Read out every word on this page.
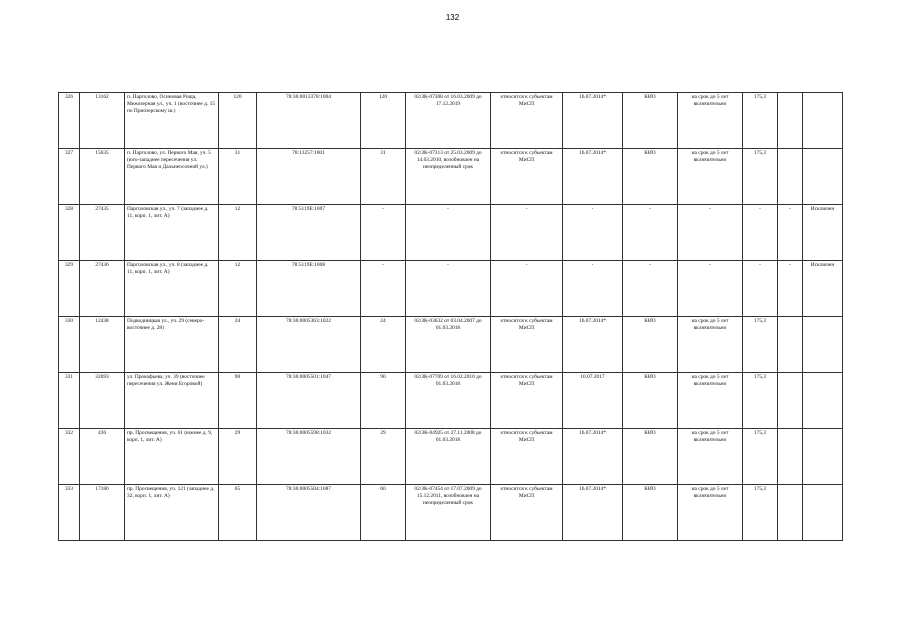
132
326	13162	п. Парголово, Осиновая Роща, Межозерная ул., уч. 1 (восточнее д. 15 по Приозерскому ш.)	120	78:36:0013378:1004	120	02/ЗК-07308 от 16.03.2009 до 17.12.2019	относится к субъектам МиСП	16.07.2014*	КИО	на срок до 5 лет включительно	175,3		
327	15635	п. Парголово, ул. Первого Мая, уч. 5 (юго-западнее пересечения ул. Первого Мая и Дальнеосочной ул.)	31	78:13257:1001	31	02/ЗК-07313 от 25.03.2009 до 14.03.2010, возобновлен на неопределенный срок	относится к субъектам МиСП	16.07.2014*	КИО	на срок до 5 лет включительно	175,3		
328	27435	Парголовская ул., уч. 7 (западнее д. 11, корп. 1, лит. А)	12	78:5119Е:1007	-	-	-	-	-	-	-	-	Исключен
329	27436	Парголовская ул., уч. 8 (западнее д. 11, корп. 1, лит. А)	12	78:5119Е:1008	-	-	-	-	-	-	-	-	Исключен
330	12438	Подводницкая ул., уч. 29 (северо-восточнее д. 28)	24	78:36:0005363:1022	24	02/ЗК-03632 от 03.04.2007 до 01.03.2018	относится к субъектам МиСП	16.07.2014*	КИО	на срок до 5 лет включительно	175,3		
331	32693	ул. Прокофьева, уч. 39 (восточнее пересечения ул. Жени Егоровой)	90	78:36:0005501:1047	90	02/ЗК-07709 от 16.02.2010 до 01.03.2018	относится к субъектам МиСП	10.07.2017	КИО	на срок до 5 лет включительно	175,3		
332	436	пр. Просвещения, уч. 61 (южнее д. 9, корп. 1, лит. А)	29	78:36:0005598:1032	29	02/ЗК-04925 от 27.11.2008 до 01.03.2018	относится к субъектам МиСП	16.07.2014*	КИО	на срок до 5 лет включительно	175,3		
333	17180	пр. Просвещения, уч. 121 (западнее д. 32, корп. 1, лит. А)	65	78:36:0005504:1087	60	02/ЗК-07454 от 17.07.2009 до 15.12.2011, возобновлен на неопределенный срок	относится к субъектам МиСП	16.07.2014*	КИО	на срок до 5 лет включительно	175,3		
